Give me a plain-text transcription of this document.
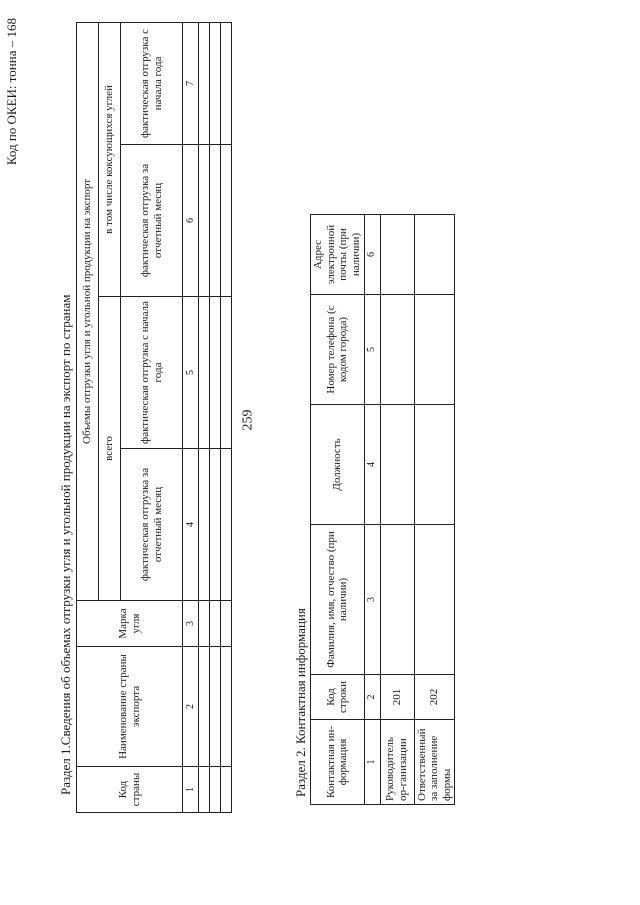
259
Код по ОКЕИ: тонна – 168
Раздел 1.Сведения об объемах отгрузки угля и угольной продукции на экспорт по странам	Код страны	Наименование страны экспорта	Марка угля	Объемы отгрузки угля и угольной продукции на экспорт			
			всего		в том числе коксующихся углей	
			фактическая отгрузка за отчетный месяц	фактическая отгрузка с начала года	фактическая отгрузка за отчетный месяц	фактическая отгрузка с начала года
1	2	3	4	5	6	7

Раздел 2. Контактная информация Контактная ин-формация	Код строки	Фамилия, имя, отчество (при наличии)	Должность	Номер телефона (с кодом города)	Адрес электронной почты (при наличии)
1	2	3	4	5	6
Руководитель ор-ганизации	201				
Ответственный за заполнение формы	202				
